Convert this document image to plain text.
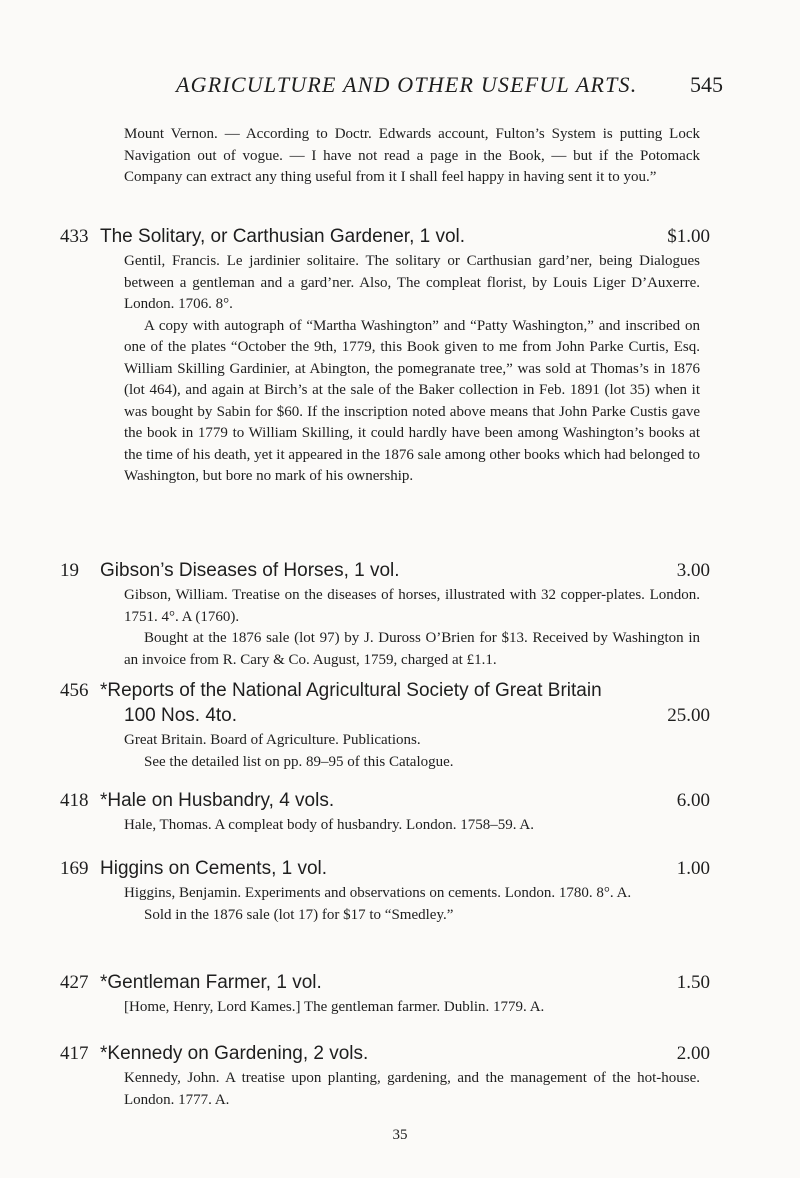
AGRICULTURE AND OTHER USEFUL ARTS. 545
Mount Vernon. — According to Doctr. Edwards account, Fulton’s System is putting Lock Navigation out of vogue. — I have not read a page in the Book, — but if the Potomack Company can extract any thing useful from it I shall feel happy in having sent it to you.”
433 The Solitary, or Carthusian Gardener, 1 vol.	$1.00

Gentil, Francis. Le jardinier solitaire. The solitary or Carthusian gard’ner, being Dialogues between a gentleman and a gard’ner. Also, The compleat florist, by Louis Liger D’Auxerre. London. 1706. 8°.

A copy with autograph of “Martha Washington” and “Patty Washington,” and inscribed on one of the plates “October the 9th, 1779, this Book given to me from John Parke Curtis, Esq. William Skilling Gardinier, at Abington, the pomegranate tree,” was sold at Thomas’s in 1876 (lot 464), and again at Birch’s at the sale of the Baker collection in Feb. 1891 (lot 35) when it was bought by Sabin for $60. If the inscription noted above means that John Parke Custis gave the book in 1779 to William Skilling, it could hardly have been among Washington’s books at the time of his death, yet it appeared in the 1876 sale among other books which had belonged to Washington, but bore no mark of his ownership.

19 Gibson’s Diseases of Horses, 1 vol.	3.00

Gibson, William. Treatise on the diseases of horses, illustrated with 32 copper-plates. London. 1751. 4°. A (1760).

Bought at the 1876 sale (lot 97) by J. Duross O’Brien for $13. Received by Washington in an invoice from R. Cary & Co. August, 1759, charged at £1.1.

456 *Reports of the National Agricultural Society of Great Britain
100 Nos. 4to.	25.00

Great Britain. Board of Agriculture. Publications.

See the detailed list on pp. 89–95 of this Catalogue.

418 *Hale on Husbandry, 4 vols.	6.00

Hale, Thomas. A compleat body of husbandry. London. 1758–59. A.

169 Higgins on Cements, 1 vol.	1.00

Higgins, Benjamin. Experiments and observations on cements. London. 1780. 8°. A.

Sold in the 1876 sale (lot 17) for $17 to “Smedley.”

427 *Gentleman Farmer, 1 vol.	1.50

[Home, Henry, Lord Kames.] The gentleman farmer. Dublin. 1779. A.

417 *Kennedy on Gardening, 2 vols.	2.00

Kennedy, John. A treatise upon planting, gardening, and the management of the hot-house. London. 1777. A.

35
